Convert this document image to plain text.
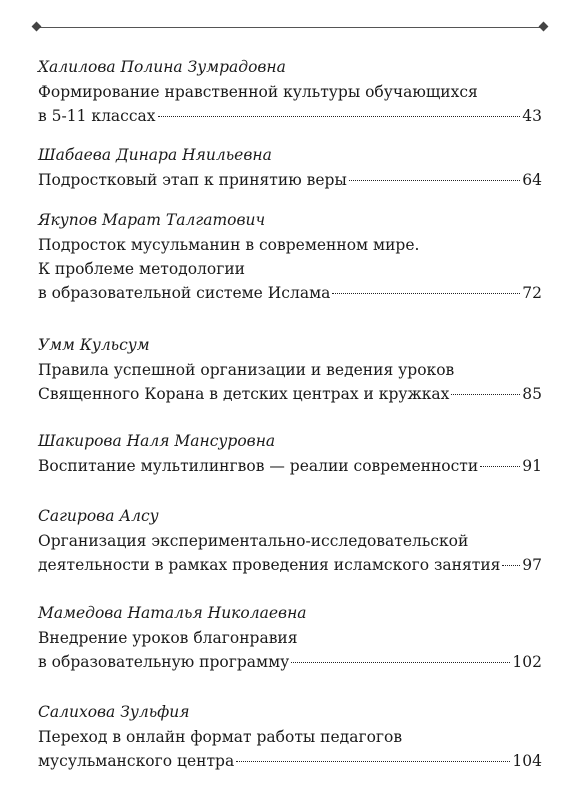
Халилова Полина Зумрадовна
Формирование нравственной культуры обучающихся
в 5-11 классах	43
Шабаева Динара Няильевна
Подростковый этап к принятию веры	64
Якупов Марат Талгатович
Подросток мусульманин в современном мире.
К проблеме методологии
в образовательной системе Ислама	72
Умм Кульсум
Правила успешной организации и ведения уроков
Священного Корана в детских центрах и кружках	85
Шакирова Наля Мансуровна
Воспитание мультилингвов — реалии современности	91
Сагирова Алсу
Организация экспериментально-исследовательской
деятельности в рамках проведения исламского занятия 97
Мамедова Наталья Николаевна
Внедрение уроков благонравия
в образовательную программу	102
Салихова Зульфия
Переход в онлайн формат работы педагогов
мусульманского центра	104
